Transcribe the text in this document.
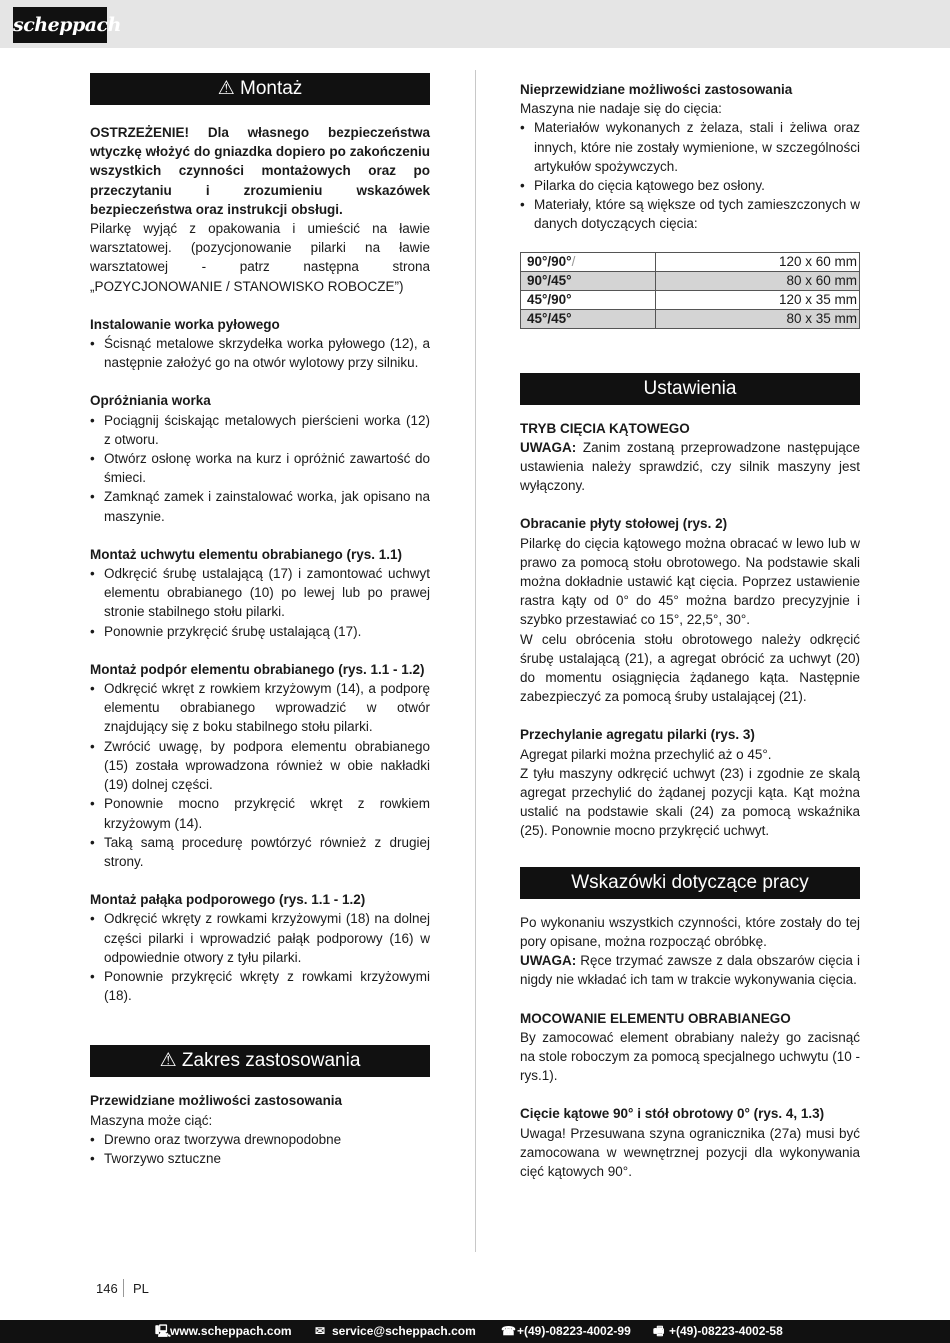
scheppach
⚠ Montaż
OSTRZEŻENIE! Dla własnego bezpieczeństwa wtyczkę włożyć do gniazdka dopiero po zakończeniu wszystkich czynności montażowych oraz po przeczytaniu i zrozumieniu wskazówek bezpieczeństwa oraz instrukcji obsługi.
Pilarkę wyjąć z opakowania i umieścić na ławie warsztatowej. (pozycjonowanie pilarki na ławie warsztatowej - patrz następna strona „POZYCJONOWANIE / STANOWISKO ROBOCZE”)
Instalowanie worka pyłowego
• Ścisnąć metalowe skrzydełka worka pyłowego (12), a następnie założyć go na otwór wylotowy przy silniku.
Opróżniania worka
• Pociągnij ściskając metalowych pierścieni worka (12) z otworu.
• Otwórz osłonę worka na kurz i opróżnić zawartość do śmieci.
• Zamknąć zamek i zainstalować worka, jak opisano na maszynie.
Montaż uchwytu elementu obrabianego (rys. 1.1)
• Odkręcić śrubę ustalającą (17) i zamontować uchwyt elementu obrabianego (10) po lewej lub po prawej stronie stabilnego stołu pilarki.
• Ponownie przykręcić śrubę ustalającą (17).
Montaż podpór elementu obrabianego (rys. 1.1 - 1.2)
• Odkręcić wkręt z rowkiem krzyżowym (14), a podporę elementu obrabianego wprowadzić w otwór znajdujący się z boku stabilnego stołu pilarki.
• Zwrócić uwagę, by podpora elementu obrabianego (15) została wprowadzona również w obie nakładki (19) dolnej części.
• Ponownie mocno przykręcić wkręt z rowkiem krzyżowym (14).
• Taką samą procedurę powtórzyć również z drugiej strony.
Montaż pałąka podporowego (rys. 1.1 - 1.2)
• Odkręcić wkręty z rowkami krzyżowymi (18) na dolnej części pilarki i wprowadzić pałąk podporowy (16) w odpowiednie otwory z tyłu pilarki.
• Ponownie przykręcić wkręty z rowkami krzyżowymi (18).
⚠ Zakres zastosowania
Przewidziane możliwości zastosowania
Maszyna może ciąć:
• Drewno oraz tworzywa drewnopodobne
• Tworzywo sztuczne
Nieprzewidziane możliwości zastosowania
Maszyna nie nadaje się do cięcia:
• Materiałów wykonanych z żelaza, stali i żeliwa oraz innych, które nie zostały wymienione, w szczególności artykułów spożywczych.
• Pilarka do cięcia kątowego bez osłony.
• Materiały, które są większe od tych zamieszczonych w danych dotyczących cięcia:
90°/90°/	120 x 60 mm
90°/45°	80 x 60 mm
45°/90°	120 x 35 mm
45°/45°	80 x 35 mm
Ustawienia
TRYB CIĘCIA KĄTOWEGO
UWAGA: Zanim zostaną przeprowadzone następujące ustawienia należy sprawdzić, czy silnik maszyny jest wyłączony.
Obracanie płyty stołowej (rys. 2)
Pilarkę do cięcia kątowego można obracać w lewo lub w prawo za pomocą stołu obrotowego. Na podstawie skali można dokładnie ustawić kąt cięcia. Poprzez ustawienie rastra kąty od 0° do 45° można bardzo precyzyjnie i szybko przestawiać co 15°, 22,5°, 30°.
W celu obrócenia stołu obrotowego należy odkręcić śrubę ustalającą (21), a agregat obrócić za uchwyt (20) do momentu osiągnięcia żądanego kąta. Następnie zabezpieczyć za pomocą śruby ustalającej (21).
Przechylanie agregatu pilarki (rys. 3)
Agregat pilarki można przechylić aż o 45°.
Z tyłu maszyny odkręcić uchwyt (23) i zgodnie ze skalą agregat przechylić do żądanej pozycji kąta. Kąt można ustalić na podstawie skali (24) za pomocą wskaźnika (25). Ponownie mocno przykręcić uchwyt.
Wskazówki dotyczące pracy
Po wykonaniu wszystkich czynności, które zostały do tej pory opisane, można rozpocząć obróbkę.
UWAGA: Ręce trzymać zawsze z dala obszarów cięcia i nigdy nie wkładać ich tam w trakcie wykonywania cięcia.
MOCOWANIE ELEMENTU OBRABIANEGO
By zamocować element obrabiany należy go zacisnąć na stole roboczym za pomocą specjalnego uchwytu (10 - rys.1).
Cięcie kątowe 90° i stół obrotowy 0° (rys. 4, 1.3)
Uwaga! Przesuwana szyna ogranicznika (27a) musi być zamocowana w wewnętrznej pozycji dla wykonywania cięć kątowych 90°.
146 PL
🖳
www.scheppach.com ✉ service@scheppach.com ☎ +(49)-08223-4002-99 🖷 +(49)-08223-4002-58
